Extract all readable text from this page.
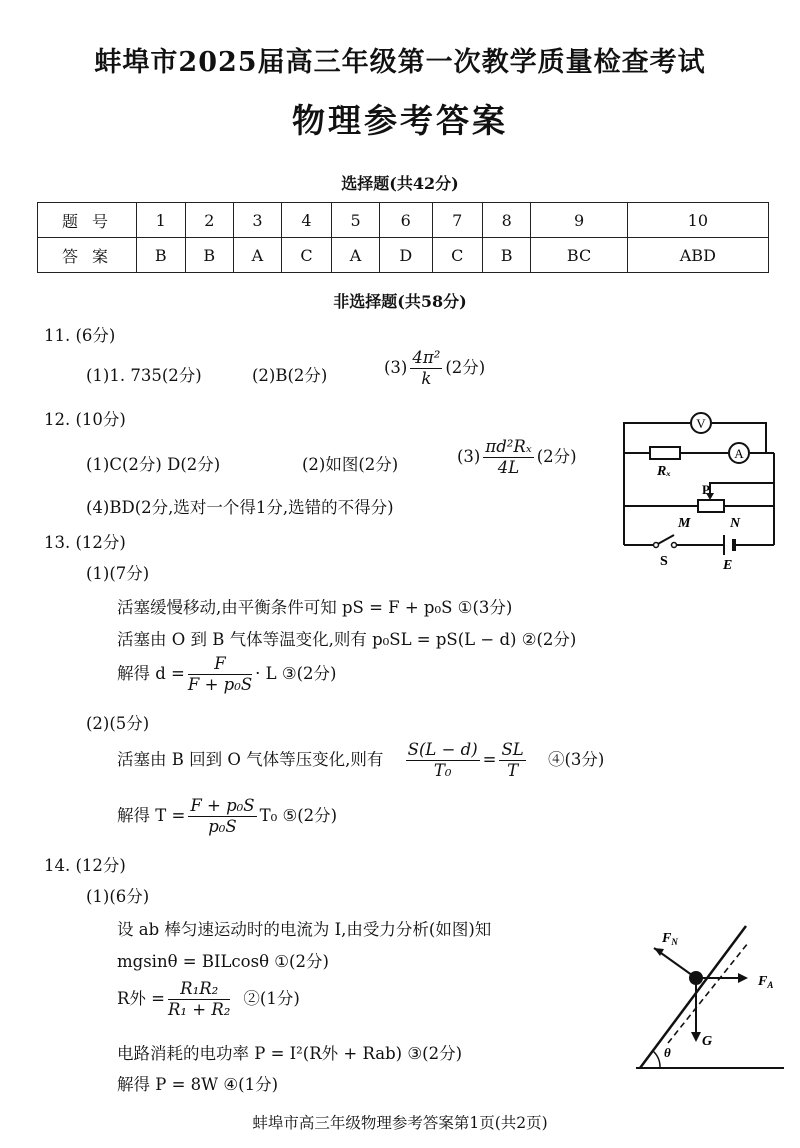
蚌埠市2025届高三年级第一次教学质量检查考试
物理参考答案
选择题(共42分)
题号	1	2	3	4	5	6	7	8	9	10
答案	B	B	A	C	A	D	C	B	BC	ABD
非选择题(共58分)
11. (6分)
(1)1. 735(2分)	(2)B(2分)	$(3) \frac{\text{4π²}}{k} (2$分)
12. (10分)
(1)C(2分) D(2分)	(2)如图(2分)	$(3) \frac{\text{πd²Rₓ}}{4L} (2$分)
(4)BD(2分,选对一个得1分,选错的不得分)
V
Rₓ
A
P
M	N
S	E
13. (12分)
(1)(7分)
活塞缓慢移动,由平衡条件可知 pS = F + p₀S ①(3分)
活塞由 O 到 B 气体等温变化,则有 p₀SL = pS(L − d) ②(2分)
解得 $d = \frac{F}{\text{F + p₀S}} \cdot L$ ③(2分)
(2)(5分)
活塞由 B 回到 O 气体等压变化,则有 $\frac{S(L - d)}{\text{T₀}} = \frac{SL}{T}$ ④(3分)
解得 $T = \frac{\text{F + p₀S}}{\text{p₀S}} T_0$ ⑤(2分)
14. (12分)
(1)(6分)
设 ab 棒匀速运动时的电流为 I,由受力分析(如图)知
mgsinθ = BILcosθ ①(2分)
R外 = $\frac{\text{R₁R₂}}{\text{R₁ + R₂}}$ ②(1分)
电路消耗的电功率 P = I²(R外 + Rab) ③(2分)
解得 P = 8W ④(1分)
$F_N$
$F_A$
G
θ
蚌埠市高三年级物理参考答案第1页(共2页)
